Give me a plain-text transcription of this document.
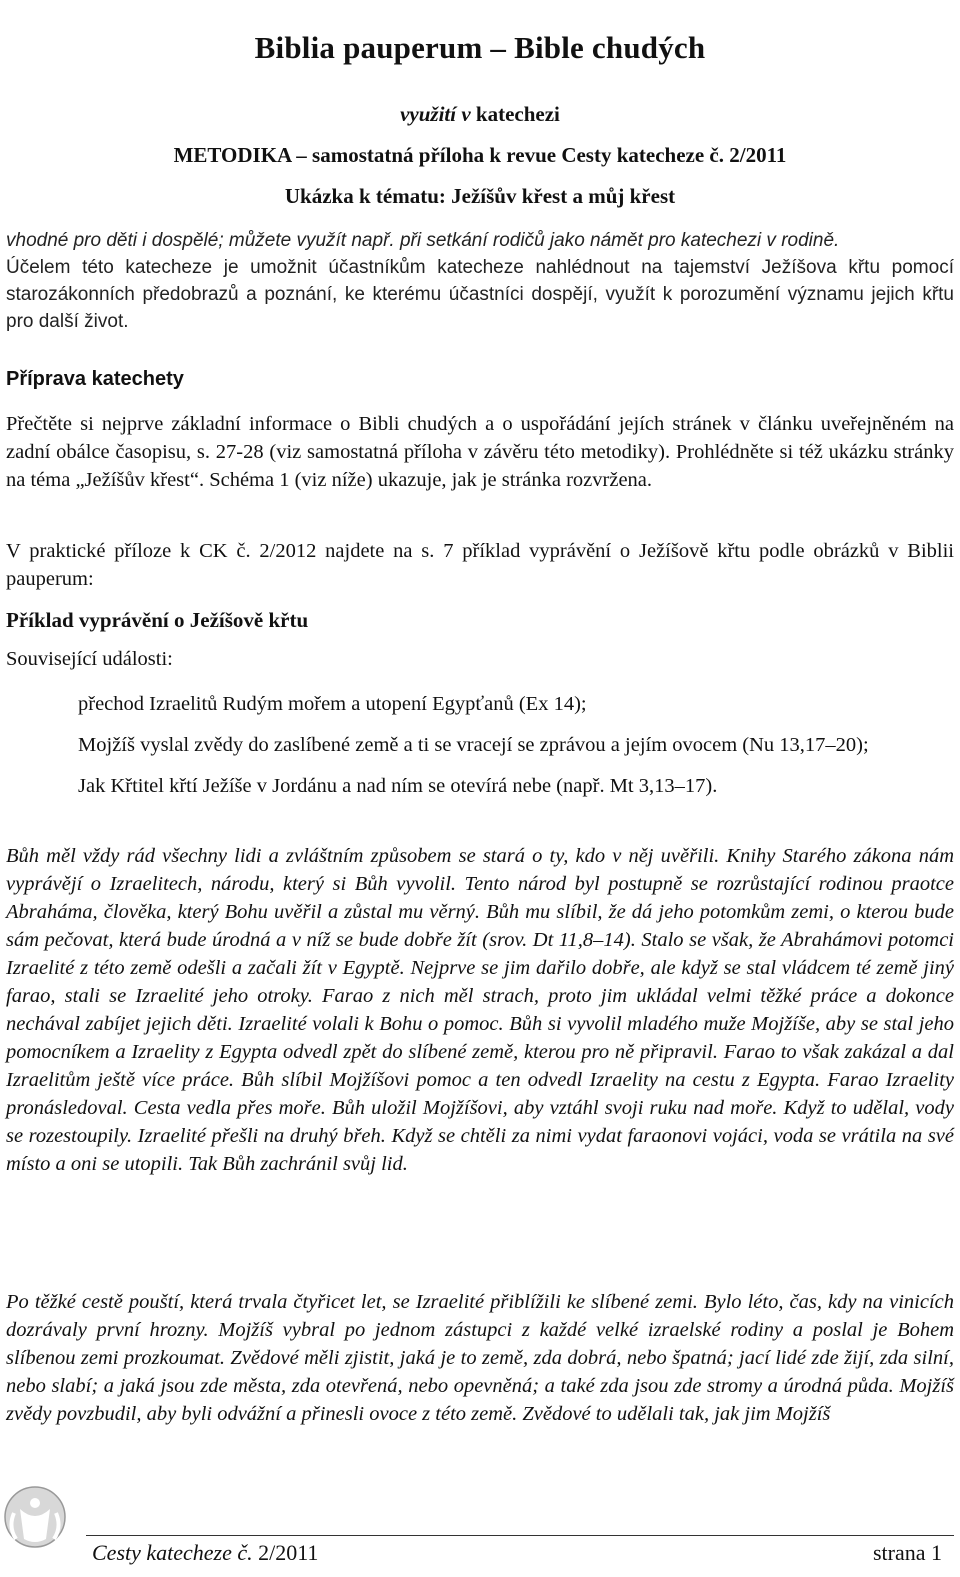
Biblia pauperum – Bible chudých
využití v katechezi
METODIKA – samostatná příloha k revue Cesty katecheze č. 2/2011
Ukázka k tématu: Ježíšův křest a můj křest
vhodné pro děti i dospělé; můžete využít např. při setkání rodičů jako námět pro katechezi v rodině.
Účelem této katecheze je umožnit účastníkům katecheze nahlédnout na tajemství Ježíšova křtu pomocí starozákonních předobrazů a poznání, ke kterému účastníci dospějí, využít k porozumění významu jejich křtu pro další život.
Příprava katechety
Přečtěte si nejprve základní informace o Bibli chudých a o uspořádání jejích stránek v článku uveřejněném na zadní obálce časopisu, s. 27-28 (viz samostatná příloha v závěru této metodiky). Prohlédněte si též ukázku stránky na téma „Ježíšův křest“. Schéma 1 (viz níže) ukazuje, jak je stránka rozvržena.
V praktické příloze k CK č. 2/2012 najdete na s. 7 příklad vyprávění o Ježíšově křtu podle obrázků v Biblii pauperum:
Příklad vyprávění o Ježíšově křtu
Související události:
přechod Izraelitů Rudým mořem a utopení Egypťanů (Ex 14);
Mojžíš vyslal zvědy do zaslíbené země a ti se vracejí se zprávou a jejím ovocem (Nu 13,17–20);
Jak Křtitel křtí Ježíše v Jordánu a nad ním se otevírá nebe (např. Mt 3,13–17).
Bůh měl vždy rád všechny lidi a zvláštním způsobem se stará o ty, kdo v něj uvěřili. Knihy Starého zákona nám vyprávějí o Izraelitech, národu, který si Bůh vyvolil. Tento národ byl postupně se rozrůstající rodinou praotce Abraháma, člověka, který Bohu uvěřil a zůstal mu věrný. Bůh mu slíbil, že dá jeho potomkům zemi, o kterou bude sám pečovat, která bude úrodná a v níž se bude dobře žít (srov. Dt 11,8–14). Stalo se však, že Abrahámovi potomci Izraelité z této země odešli a začali žít v Egyptě. Nejprve se jim dařilo dobře, ale když se stal vládcem té země jiný farao, stali se Izraelité jeho otroky. Farao z nich měl strach, proto jim ukládal velmi těžké práce a dokonce nechával zabíjet jejich děti. Izraelité volali k Bohu o pomoc. Bůh si vyvolil mladého muže Mojžíše, aby se stal jeho pomocníkem a Izraelity z Egypta odvedl zpět do slíbené země, kterou pro ně připravil. Farao to však zakázal a dal Izraelitům ještě více práce. Bůh slíbil Mojžíšovi pomoc a ten odvedl Izraelity na cestu z Egypta. Farao Izraelity pronásledoval. Cesta vedla přes moře. Bůh uložil Mojžíšovi, aby vztáhl svoji ruku nad moře. Když to udělal, vody se rozestoupily. Izraelité přešli na druhý břeh. Když se chtěli za nimi vydat faraonovi vojáci, voda se vrátila na své místo a oni se utopili. Tak Bůh zachránil svůj lid.
Po těžké cestě pouští, která trvala čtyřicet let, se Izraelité přiblížili ke slíbené zemi. Bylo léto, čas, kdy na vinicích dozrávaly první hrozny. Mojžíš vybral po jednom zástupci z každé velké izraelské rodiny a poslal je Bohem slíbenou zemi prozkoumat. Zvědové měli zjistit, jaká je to země, zda dobrá, nebo špatná; jací lidé zde žijí, zda silní, nebo slabí; a jaká jsou zde města, zda otevřená, nebo opevněná; a také zda jsou zde stromy a úrodná půda. Mojžíš zvědy povzbudil, aby byli odvážní a přinesli ovoce z této země. Zvědové to udělali tak, jak jim Mojžíš
Cesty katecheze č. 2/2011	strana 1
